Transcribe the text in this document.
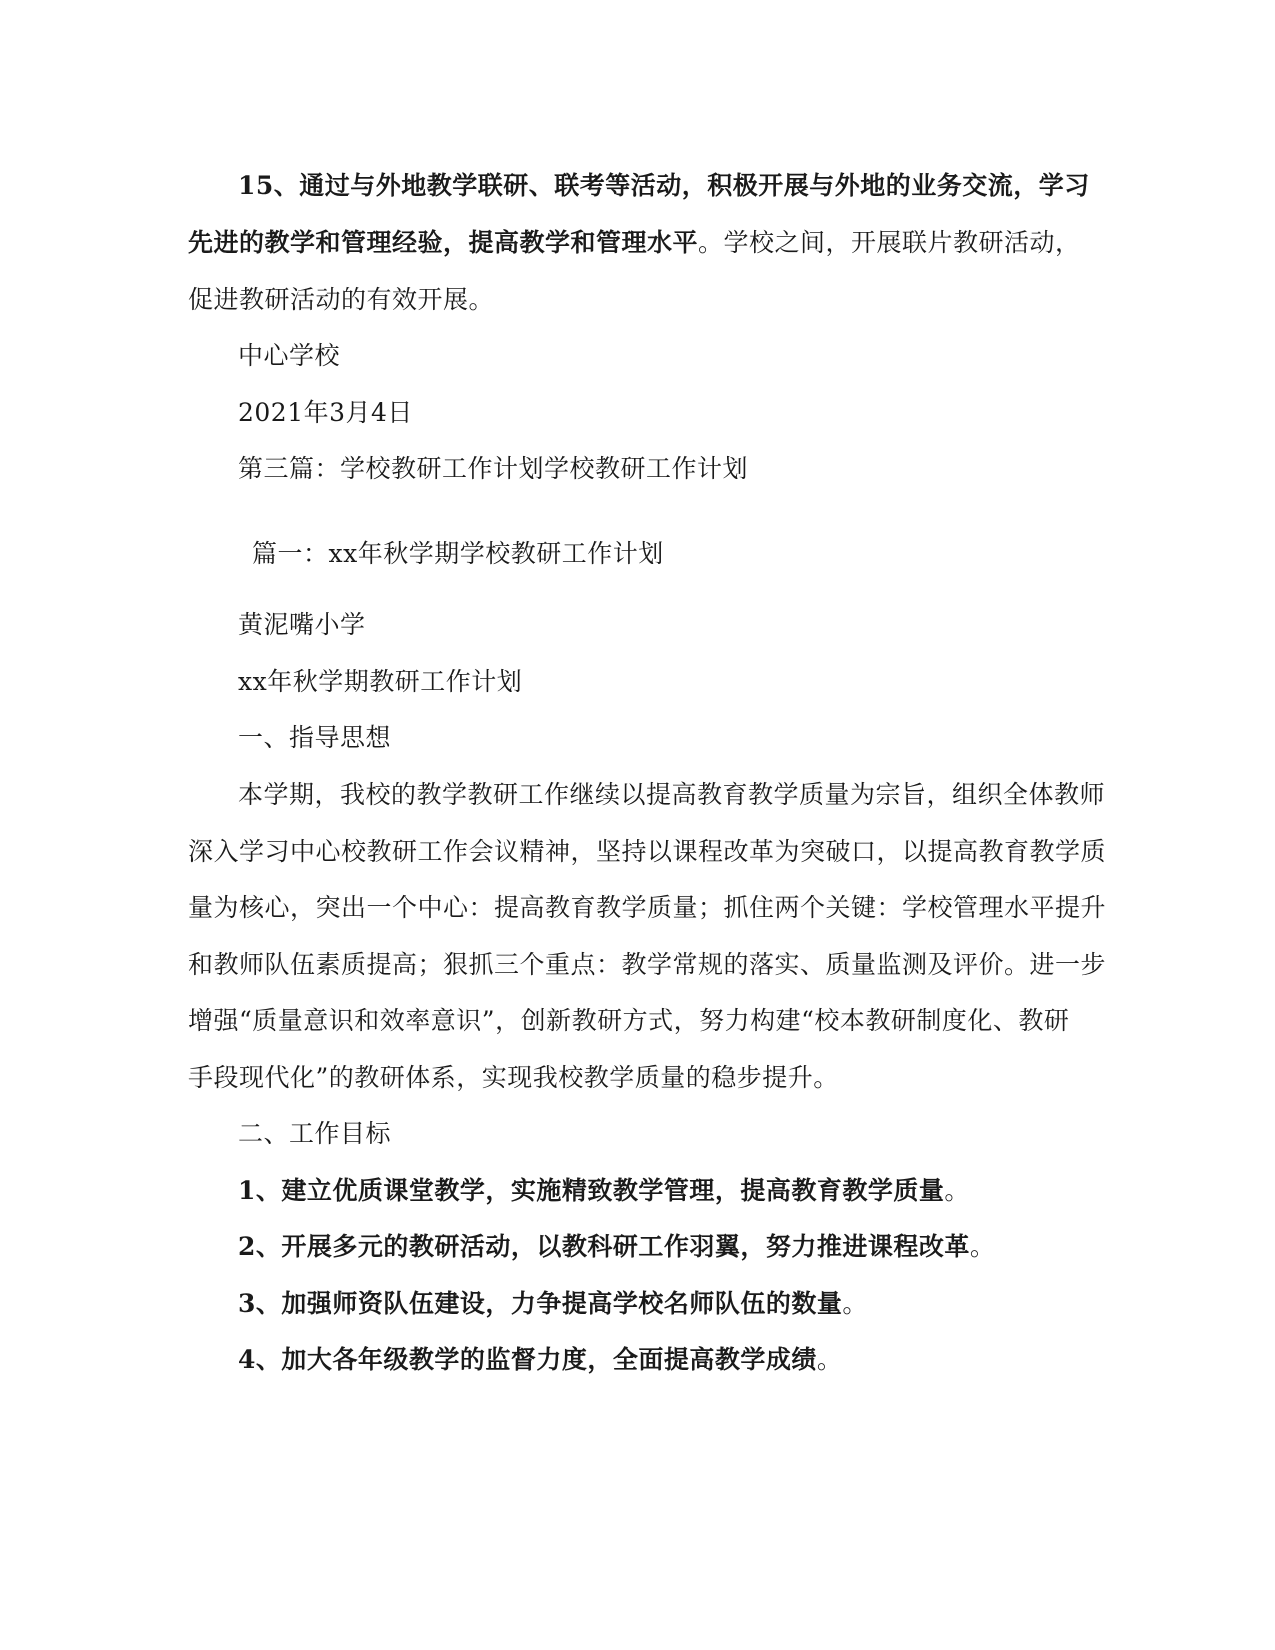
15、通过与外地教学联研、联考等活动，积极开展与外地的业务交流，学习
先进的教学和管理经验，提高教学和管理水平。学校之间，开展联片教研活动，
促进教研活动的有效开展。
中心学校
2021年3月4日
第三篇：学校教研工作计划学校教研工作计划
篇一：xx年秋学期学校教研工作计划
黄泥嘴小学
xx年秋学期教研工作计划
一、指导思想
本学期，我校的教学教研工作继续以提高教育教学质量为宗旨，组织全体教师
深入学习中心校教研工作会议精神，坚持以课程改革为突破口，以提高教育教学质
量为核心，突出一个中心：提高教育教学质量；抓住两个关键：学校管理水平提升
和教师队伍素质提高；狠抓三个重点：教学常规的落实、质量监测及评价。进一步
增强“质量意识和效率意识”，创新教研方式，努力构建“校本教研制度化、教研
手段现代化”的教研体系，实现我校教学质量的稳步提升。
二、工作目标
1、建立优质课堂教学，实施精致教学管理，提高教育教学质量。
2、开展多元的教研活动，以教科研工作羽翼，努力推进课程改革。
3、加强师资队伍建设，力争提高学校名师队伍的数量。
4、加大各年级教学的监督力度，全面提高教学成绩。
